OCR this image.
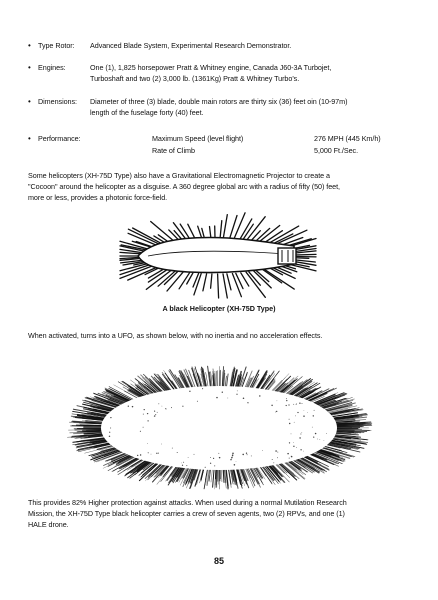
• Type Rotor: Advanced Blade System, Experimental Research Demonstrator.
• Engines:	One (1), 1,825 horsepower Pratt & Whitney engine, Canada J60-3A Turbojet,
Turboshaft and two (2) 3,000 lb. (1361Kg) Pratt & Whitney Turbo's.
• Dimensions: Diameter of three (3) blade, double main rotors are thirty six (36) feet oin (10-97m)
length of the fuselage forty (40) feet.
• Performance:	Maximum Speed (level flight)	276 MPH (445 Km/h)
Rate of Climb	5,000 Ft./Sec.
Some helicopters (XH-75D Type) also have a Gravitational Electromagnetic Projector to create a
"Cocoon" around the helicopter as a disguise. A 360 degree global arc with a radius of fifty (50) feet,
more or less, provides a photonic force-field.
A black Helicopter (XH-75D Type)
When activated, turns into a UFO, as shown below, with no inertia and no acceleration effects.
This provides 82% Higher protection against attacks. When used during a normal Mutilation Research
Mission, the XH-75D Type black helicopter carries a crew of seven agents, two (2) RPVs, and one (1)
HALE drone.
85
